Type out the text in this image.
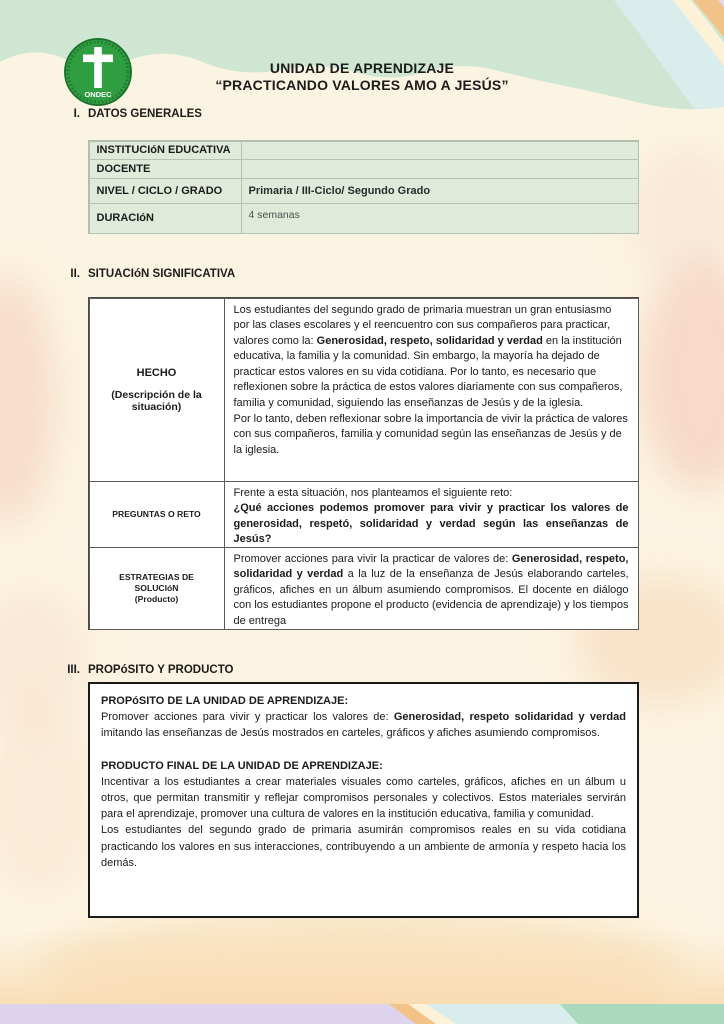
ONDEC
UNIDAD DE APRENDIZAJE
“PRACTICANDO VALORES AMO A JESÚS”
I. DATOS GENERALES
INSTITUCIóN EDUCATIVA
DOCENTE
NIVEL / CICLO / GRADO	Primaria / III-Ciclo/ Segundo Grado
DURACIóN	4 semanas
II. SITUACIóN SIGNIFICATIVA
HECHO
(Descripción de la situación)
Los estudiantes del segundo grado de primaria muestran un gran entusiasmo por las clases escolares y el reencuentro con sus compañeros para practicar, valores como la: Generosidad, respeto, solidaridad y verdad en la institución educativa, la familia y la comunidad. Sin embargo, la mayoría ha dejado de practicar estos valores en su vida cotidiana. Por lo tanto, es necesario que reflexionen sobre la práctica de estos valores diariamente con sus compañeros, familia y comunidad, siguiendo las enseñanzas de Jesús y de la iglesia.
Por lo tanto, deben reflexionar sobre la importancia de vivir la práctica de valores con sus compañeros, familia y comunidad según las enseñanzas de Jesús y de la iglesia.
PREGUNTAS O RETO
Frente a esta situación, nos planteamos el siguiente reto:
¿Qué acciones podemos promover para vivir y practicar los valores de generosidad, respetó, solidaridad y verdad según las enseñanzas de Jesús?
ESTRATEGIAS DE SOLUCIóN
(Producto)
Promover acciones para vivir la practicar de valores de: Generosidad, respeto, solidaridad y verdad a la luz de la enseñanza de Jesús elaborando carteles, gráficos, afiches en un álbum asumiendo compromisos. El docente en diálogo con los estudiantes propone el producto (evidencia de aprendizaje) y los tiempos de entrega
III. PROPóSITO Y PRODUCTO
PROPóSITO DE LA UNIDAD DE APRENDIZAJE:

Promover acciones para vivir y practicar los valores de: Generosidad, respeto solidaridad y verdad imitando las enseñanzas de Jesús mostrados en carteles, gráficos y afiches asumiendo compromisos.

PRODUCTO FINAL DE LA UNIDAD DE APRENDIZAJE:

Incentivar a los estudiantes a crear materiales visuales como carteles, gráficos, afiches en un álbum u otros, que permitan transmitir y reflejar compromisos personales y colectivos. Estos materiales servirán para el aprendizaje, promover una cultura de valores en la institución educativa, familia y comunidad.

Los estudiantes del segundo grado de primaria asumirán compromisos reales en su vida cotidiana practicando los valores en sus interacciones, contribuyendo a un ambiente de armonía y respeto hacia los demás.
